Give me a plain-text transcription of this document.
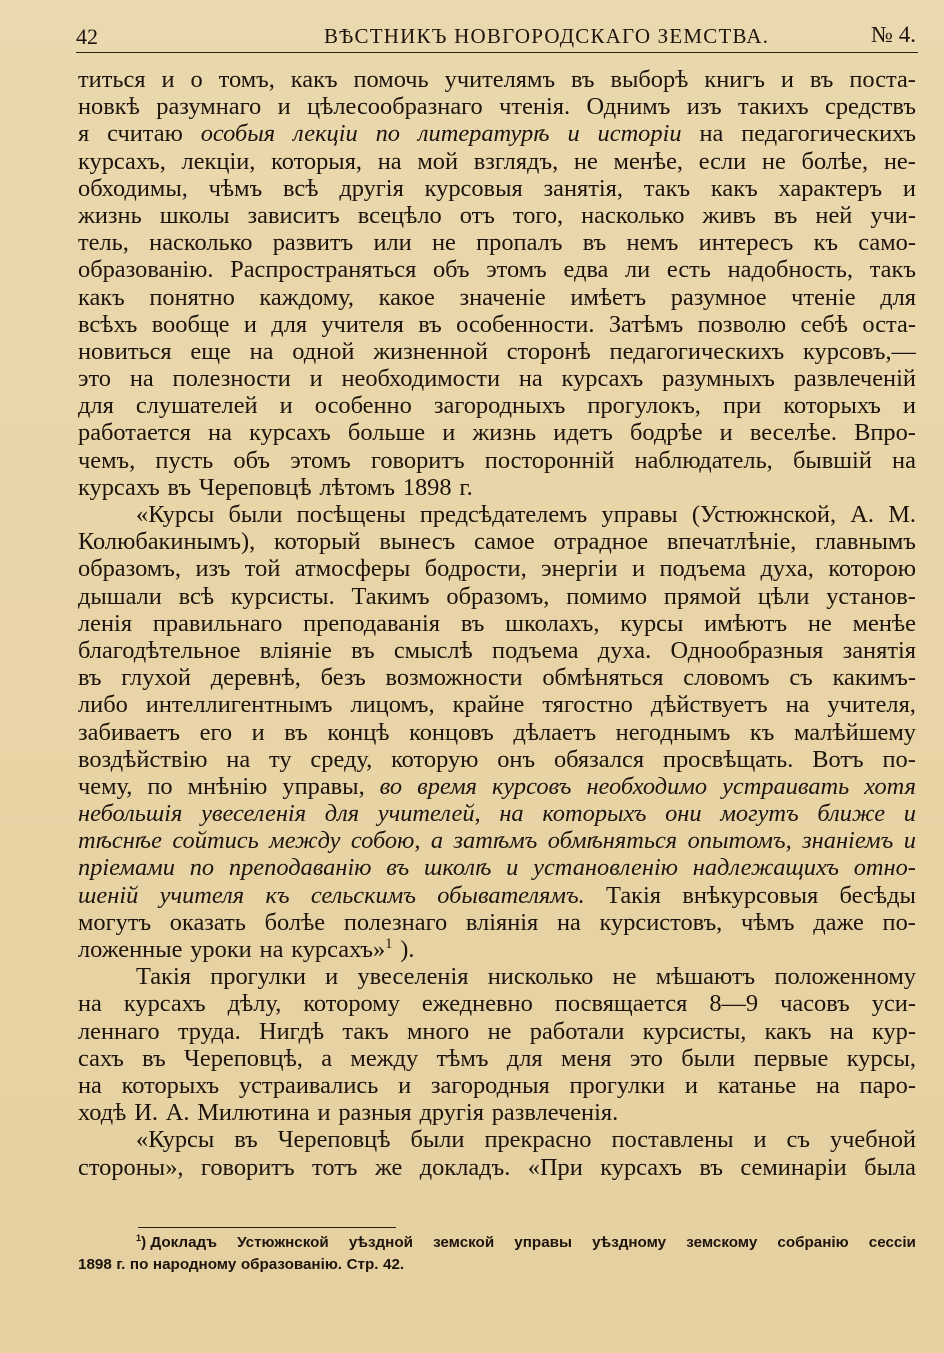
42	ВѢСТНИКЪ НОВГОРОДСКАГО ЗЕМСТВА.	№ 4.
титься и о томъ, какъ помочь учителямъ въ выборѣ книгъ и въ поста-
новкѣ разумнаго и цѣлесообразнаго чтенія. Однимъ изъ такихъ средствъ
я считаю особыя лекціи по литературѣ и исторіи на педагогическихъ
курсахъ, лекціи, которыя, на мой взглядъ, не менѣе, если не болѣе, не-
обходимы, чѣмъ всѣ другія курсовыя занятія, такъ какъ характеръ и
жизнь школы зависитъ всецѣло отъ того, насколько живъ въ ней учи-
тель, насколько развитъ или не пропалъ въ немъ интересъ къ само-
образованію. Распространяться объ этомъ едва ли есть надобность, такъ
какъ понятно каждому, какое значеніе имѣетъ разумное чтеніе для
всѣхъ вообще и для учителя въ особенности. Затѣмъ позволю себѣ оста-
новиться еще на одной жизненной сторонѣ педагогическихъ курсовъ,—
это на полезности и необходимости на курсахъ разумныхъ развлеченій
для слушателей и особенно загородныхъ прогулокъ, при которыхъ и
работается на курсахъ больше и жизнь идетъ бодрѣе и веселѣе. Впро-
чемъ, пусть объ этомъ говоритъ посторонній наблюдатель, бывшій на
курсахъ въ Череповцѣ лѣтомъ 1898 г.
«Курсы были посѣщены предсѣдателемъ управы (Устюжнской, А. М.
Колюбакинымъ), который вынесъ самое отрадное впечатлѣніе, главнымъ
образомъ, изъ той атмосферы бодрости, энергіи и подъема духа, которою
дышали всѣ курсисты. Такимъ образомъ, помимо прямой цѣли установ-
ленія правильнаго преподаванія въ школахъ, курсы имѣютъ не менѣе
благодѣтельное вліяніе въ смыслѣ подъема духа. Однообразныя занятія
въ глухой деревнѣ, безъ возможности обмѣняться словомъ съ какимъ-
либо интеллигентнымъ лицомъ, крайне тягостно дѣйствуетъ на учителя,
забиваетъ его и въ концѣ концовъ дѣлаетъ негоднымъ къ малѣйшему
воздѣйствію на ту среду, которую онъ обязался просвѣщать. Вотъ по-
чему, по мнѣнію управы, во время курсовъ необходимо устраивать хотя
небольшія увеселенія для учителей, на которыхъ они могутъ ближе и
тѣснѣе сойтись между собою, а затѣмъ обмѣняться опытомъ, знаніемъ и
пріемами по преподаванію въ школѣ и установленію надлежащихъ отно-
шеній учителя къ сельскимъ обывателямъ. Такія внѣкурсовыя бесѣды
могутъ оказать болѣе полезнаго вліянія на курсистовъ, чѣмъ даже по-
ложенные уроки на курсахъ»$^1$ ).
Такія прогулки и увеселенія нисколько не мѣшаютъ положенному
на курсахъ дѣлу, которому ежедневно посвящается 8—9 часовъ уси-
леннаго труда. Нигдѣ такъ много не работали курсисты, какъ на кур-
сахъ въ Череповцѣ, а между тѣмъ для меня это были первые курсы,
на которыхъ устраивались и загородныя прогулки и катанье на паро-
ходѣ И. А. Милютина и разныя другія развлеченія.
«Курсы въ Череповцѣ были прекрасно поставлены и съ учебной
стороны», говоритъ тотъ же докладъ. «При курсахъ въ семинаріи была
$^1$) Докладъ Устюжнской уѣздной земской управы уѣздному земскому собранію сессіи
1898 г. по народному образованію. Стр. 42.
